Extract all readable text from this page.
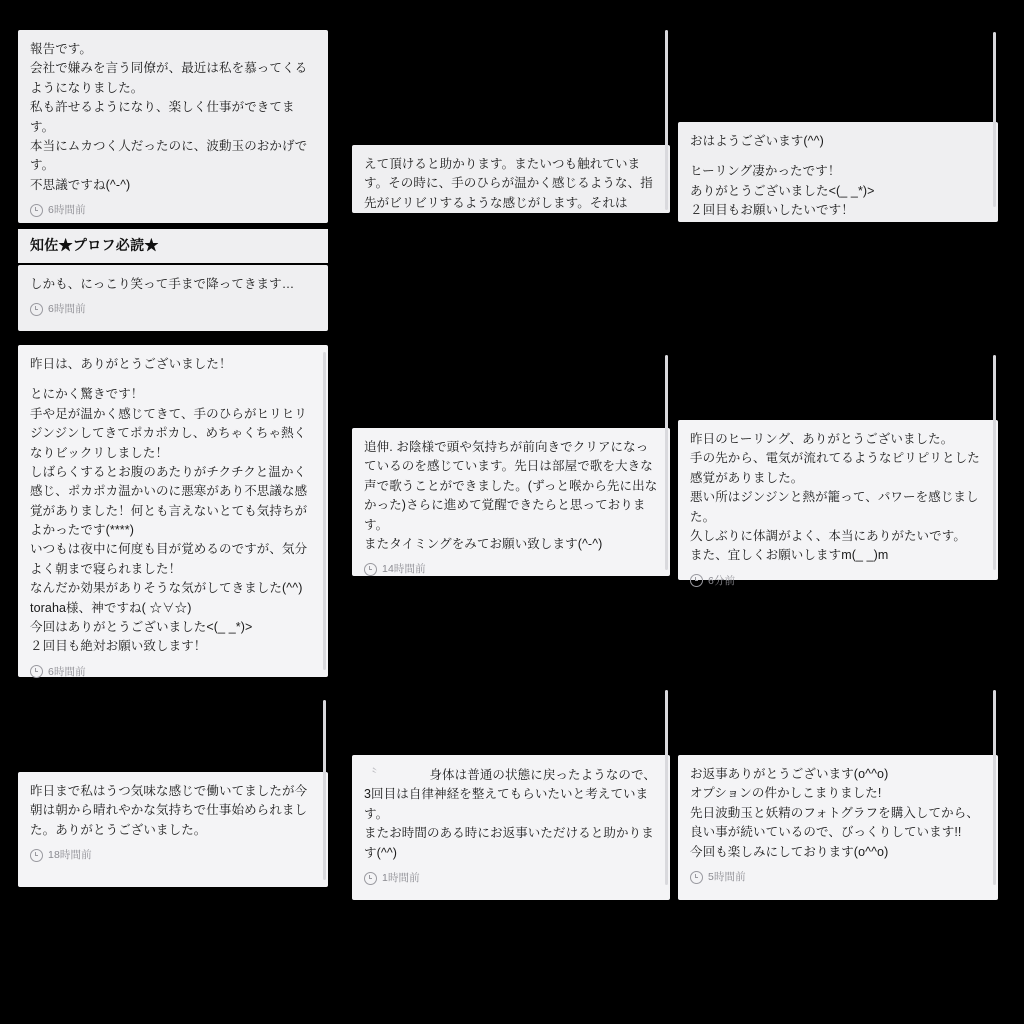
報告です。

会社で嫌みを言う同僚が、最近は私を慕ってくるようになりました。

私も許せるようになり、楽しく仕事ができてます。

本当にムカつく人だったのに、波動玉のおかげです。

不思議ですね(^-^)

6時間前
知佐★プロフ必読★

しかも、にっこり笑って手まで降ってきます…

6時間前

昨日は、ありがとうございました！

とにかく驚きです！

手や足が温かく感じてきて、手のひらがヒリヒリジンジンしてきてポカポカし、めちゃくちゃ熱くなりビックリしました！

しばらくするとお腹のあたりがチクチクと温かく感じ、ポカポカ温かいのに悪寒があり不思議な感覚がありました！何とも言えないとても気持ちがよかったです(****)

いつもは夜中に何度も目が覚めるのですが、気分よく朝まで寝られました！

なんだか効果がありそうな気がしてきました(^^)

toraha様、神ですね( ☆∀☆)

今回はありがとうございました<(_ _*)>

２回目も絶対お願い致します！

6時間前

昨日まで私はうつ気味な感じで働いてましたが今朝は朝から晴れやかな気持ちで仕事始められました。ありがとうございました。

18時間前

えて頂けると助かります。またいつも触れています。その時に、手のひらが温かく感じるような、指先がビリビリするような感じがします。それは

追伸. お陰様で頭や気持ちが前向きでクリアになっているのを感じています。先日は部屋で歌を大きな声で歌うことができました。(ずっと喉から先に出なかった)さらに進めて覚醒できたらと思っております。

またタイミングをみてお願い致します(^-^)

14時間前

〝　　　　身体は普通の状態に戻ったようなので、3回目は自律神経を整えてもらいたいと考えています。

またお時間のある時にお返事いただけると助かります(^^)

1時間前

おはようございます(^^)

ヒーリング凄かったです！

ありがとうございました<(_ _*)>

２回目もお願いしたいです！

昨日のヒーリング、ありがとうございました。

手の先から、電気が流れてるようなピリピリとした感覚がありました。

悪い所はジンジンと熱が籠って、パワーを感じました。

久しぶりに体調がよく、本当にありがたいです。

また、宜しくお願いしますm(_ _)m

6分前

お返事ありがとうございます(o^^o)

オプションの件かしこまりました!

先日波動玉と妖精のフォトグラフを購入してから、良い事が続いているので、びっくりしています!!

今回も楽しみにしております(o^^o)

5時間前
